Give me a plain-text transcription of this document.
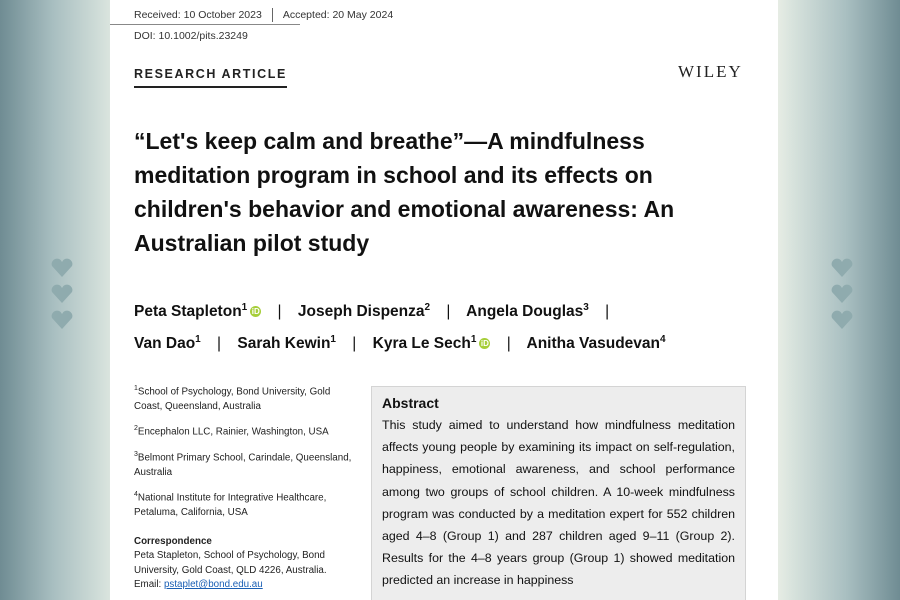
Received: 10 October 2023 Accepted: 20 May 2024
DOI: 10.1002/pits.23249
RESEARCH ARTICLE	WILEY
“Let's keep calm and breathe”—A mindfulness meditation program in school and its effects on children's behavior and emotional awareness: An Australian pilot study
Peta Stapleton$^1$ iD | Joseph Dispenza$^2$ | Angela Douglas$^3$ |
Van Dao$^1$ | Sarah Kewin$^1$ | Kyra Le Sech$^1$ iD | Anitha Vasudevan$^4$
$^1$School of Psychology, Bond University, Gold Coast, Queensland, Australia
$^2$Encephalon LLC, Rainier, Washington, USA
$^3$Belmont Primary School, Carindale, Queensland, Australia
$^4$National Institute for Integrative Healthcare, Petaluma, California, USA
Correspondence
Peta Stapleton, School of Psychology, Bond University, Gold Coast, QLD 4226, Australia.
Email: pstaplet@bond.edu.au
Abstract

This study aimed to understand how mindfulness meditation affects young people by examining its impact on self-regulation, happiness, emotional awareness, and school performance among two groups of school children. A 10-week mindfulness program was conducted by a meditation expert for 552 children aged 4–8 (Group 1) and 287 children aged 9–11 (Group 2). Results for the 4–8 years group (Group 1) showed meditation predicted an increase in happiness
